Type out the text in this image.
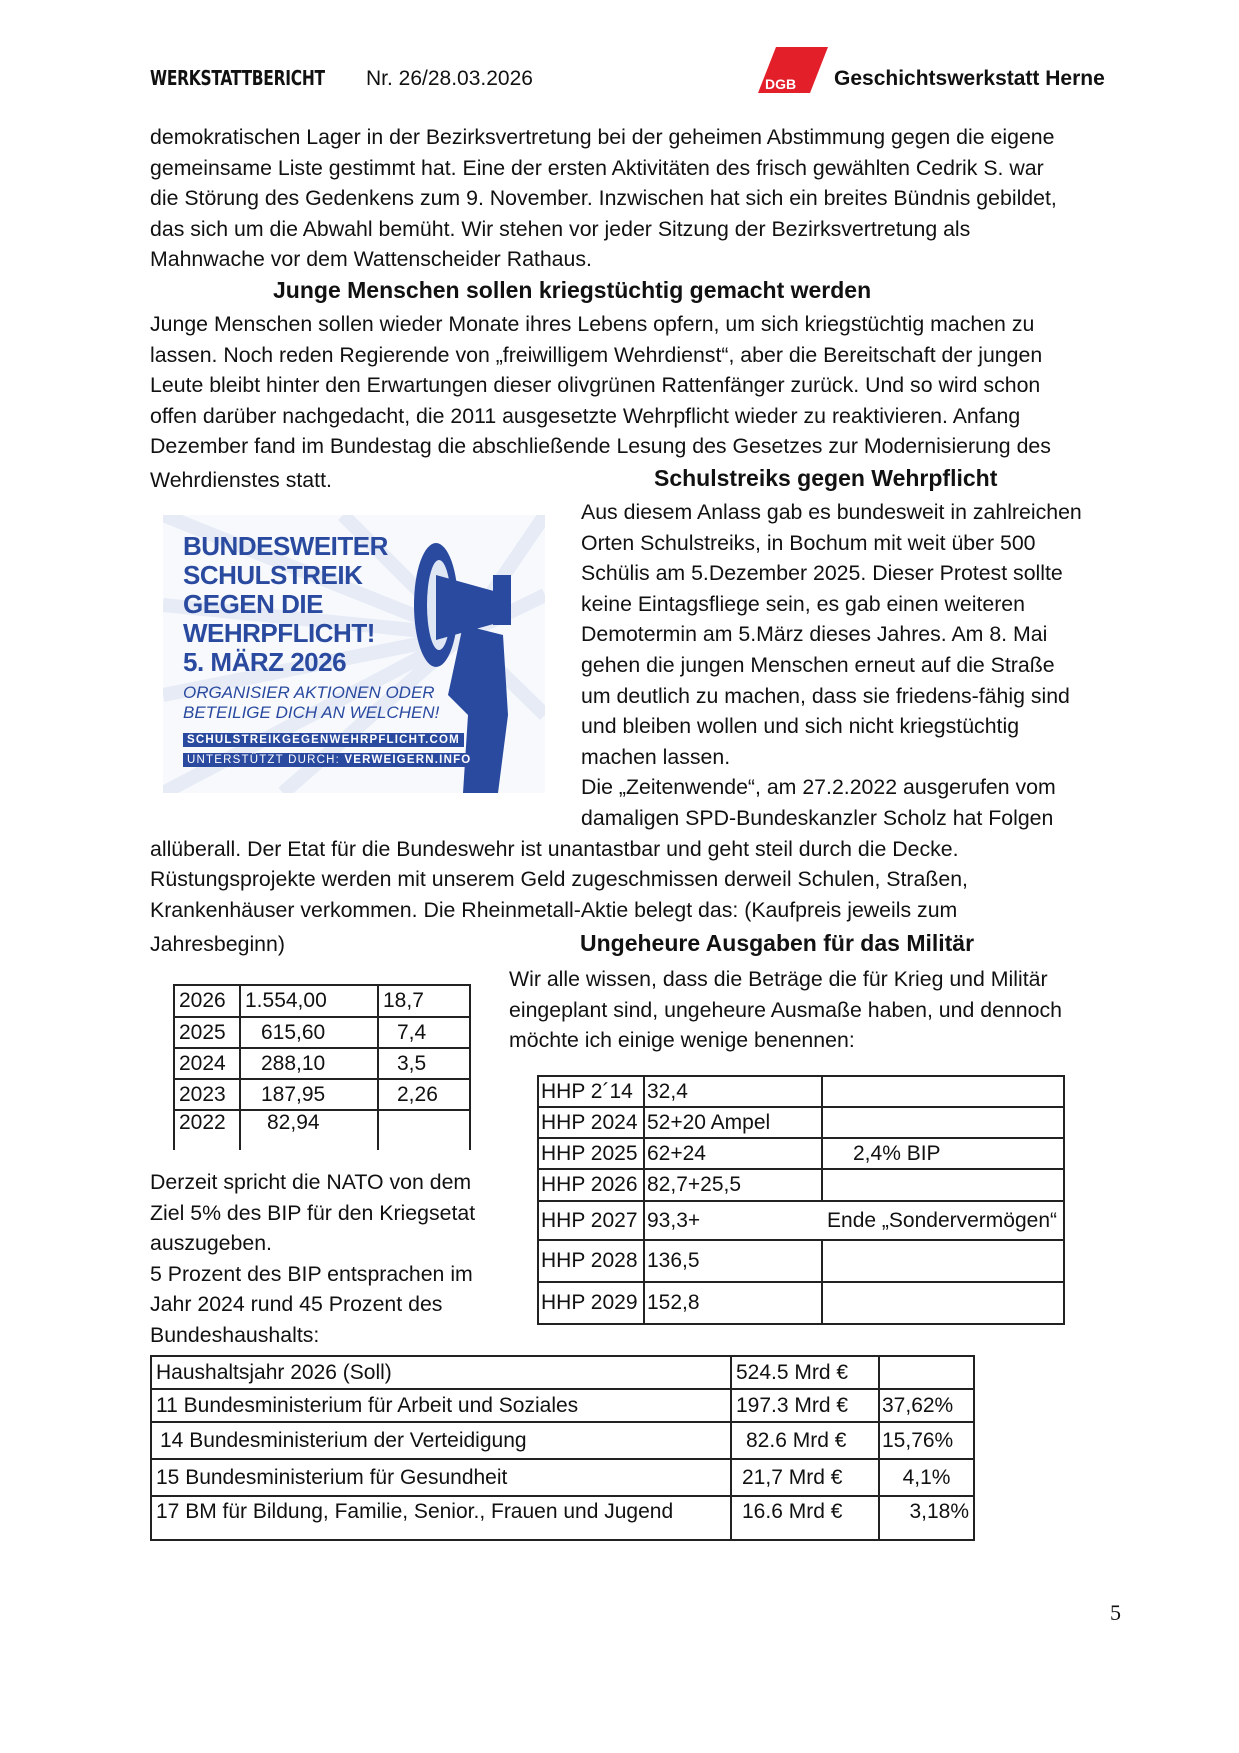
WERKSTATTBERICHT Nr. 26/28.03.2026	DGB Geschichtswerkstatt Herne
demokratischen Lager in der Bezirksvertretung bei der geheimen Abstimmung gegen die eigene
gemeinsame Liste gestimmt hat. Eine der ersten Aktivitäten des frisch gewählten Cedrik S. war
die Störung des Gedenkens zum 9. November. Inzwischen hat sich ein breites Bündnis gebildet,
das sich um die Abwahl bemüht. Wir stehen vor jeder Sitzung der Bezirksvertretung als
Mahnwache vor dem Wattenscheider Rathaus.
Junge Menschen sollen kriegstüchtig gemacht werden
Junge Menschen sollen wieder Monate ihres Lebens opfern, um sich kriegstüchtig machen zu
lassen. Noch reden Regierende von „freiwilligem Wehrdienst“, aber die Bereitschaft der jungen
Leute bleibt hinter den Erwartungen dieser olivgrünen Rattenfänger zurück. Und so wird schon
offen darüber nachgedacht, die 2011 ausgesetzte Wehrpflicht wieder zu reaktivieren. Anfang
Dezember fand im Bundestag die abschließende Lesung des Gesetzes zur Modernisierung des
Wehrdienstes statt.	Schulstreiks gegen Wehrpflicht
Aus diesem Anlass gab es bundesweit in zahlreichen
Orten Schulstreiks, in Bochum mit weit über 500
Schülis am 5.Dezember 2025. Dieser Protest sollte
keine Eintagsfliege sein, es gab einen weiteren
Demotermin am 5.März dieses Jahres. Am 8. Mai
gehen die jungen Menschen erneut auf die Straße
um deutlich zu machen, dass sie friedens-fähig sind
und bleiben wollen und sich nicht kriegstüchtig
machen lassen.
Die „Zeitenwende“, am 27.2.2022 ausgerufen vom
damaligen SPD-Bundeskanzler Scholz hat Folgen
allüberall. Der Etat für die Bundeswehr ist unantastbar und geht steil durch die Decke.
Rüstungsprojekte werden mit unserem Geld zugeschmissen derweil Schulen, Straßen,
Krankenhäuser verkommen. Die Rheinmetall-Aktie belegt das: (Kaufpreis jeweils zum
Jahresbeginn)
BUNDESWEITER
SCHULSTREIK
GEGEN DIE
WEHRPFLICHT!
5. MÄRZ 2026
ORGANISIER AKTIONEN ODER
BETEILIGE DICH AN WELCHEN!
SCHULSTREIKGEGENWEHRPFLICHT.COM
UNTERSTÜTZT DURCH: VERWEIGERN.INFO
Ungeheure Ausgaben für das Militär
Wir alle wissen, dass die Beträge die für Krieg und Militär
eingeplant sind, ungeheure Ausmaße haben, und dennoch
möchte ich einige wenige benennen:
2026	1.554,00	18,7
2025	615,60	7,4
2024	288,10	3,5
2023	187,95	2,26
2022	82,94	
Derzeit spricht die NATO von dem
Ziel 5% des BIP für den Kriegsetat
auszugeben.
5 Prozent des BIP entsprachen im
Jahr 2024 rund 45 Prozent des
Bundeshaushalts:
HHP 2´14	32,4	
HHP 2024	52+20 Ampel	
HHP 2025	62+24	2,4% BIP
HHP 2026	82,7+25,5	
HHP 2027	93,3+ Ende „Sondervermögen“	

HHP 2028	136,5	
HHP 2029	152,8	
Haushaltsjahr 2026 (Soll)	524.5 Mrd €	
11 Bundesministerium für Arbeit und Soziales	197.3 Mrd €	37,62%
14 Bundesministerium der Verteidigung	82.6 Mrd €	15,76%
15 Bundesministerium für Gesundheit	21,7 Mrd €	4,1%
17 BM für Bildung, Familie, Senior., Frauen und Jugend	16.6 Mrd €	3,18%
5
